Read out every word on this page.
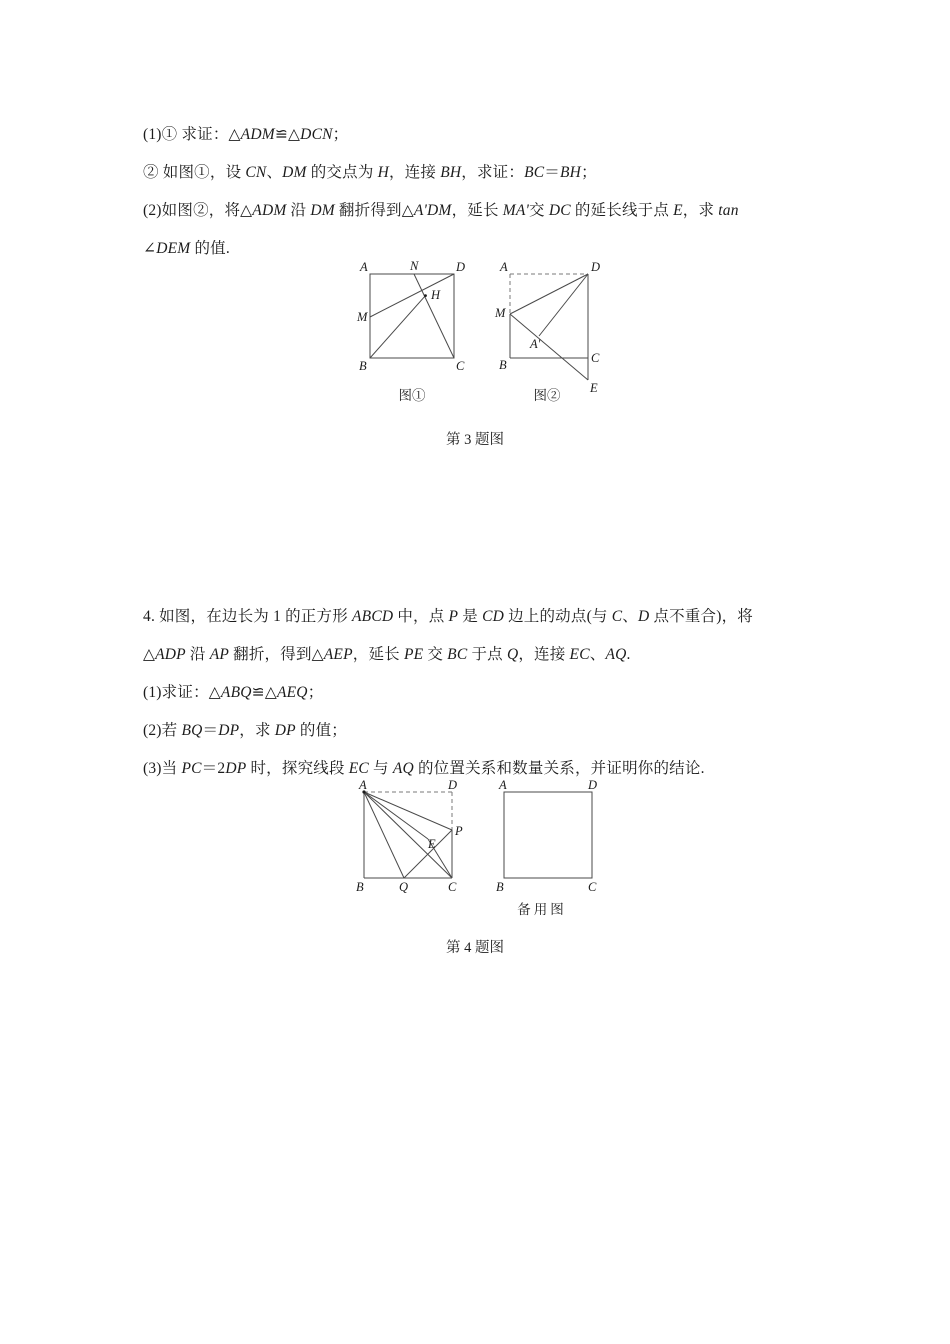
(1)① 求证：△ADM≌△DCN；
② 如图①，设 CN、DM 的交点为 H，连接 BH，求证：BC＝BH；
(2)如图②，将△ADM 沿 DM 翻折得到△A'DM，延长 MA'交 DC 的延长线于点 E，求 tan
∠DEM 的值.
A	N	D
H
M
B	C
图①
A	D
M
A'
B	C
E
图②
第 3 题图
4. 如图，在边长为 1 的正方形 ABCD 中，点 P 是 CD 边上的动点(与 C、D 点不重合)，将
△ADP 沿 AP 翻折，得到△AEP，延长 PE 交 BC 于点 Q，连接 EC、AQ.
(1)求证：△ABQ≌△AEQ；
(2)若 BQ＝DP，求 DP 的值；
(3)当 PC＝2DP 时，探究线段 EC 与 AQ 的位置关系和数量关系，并证明你的结论.
A	D
P
E
B	Q	C
A	D
B	C
备用图
第 4 题图
